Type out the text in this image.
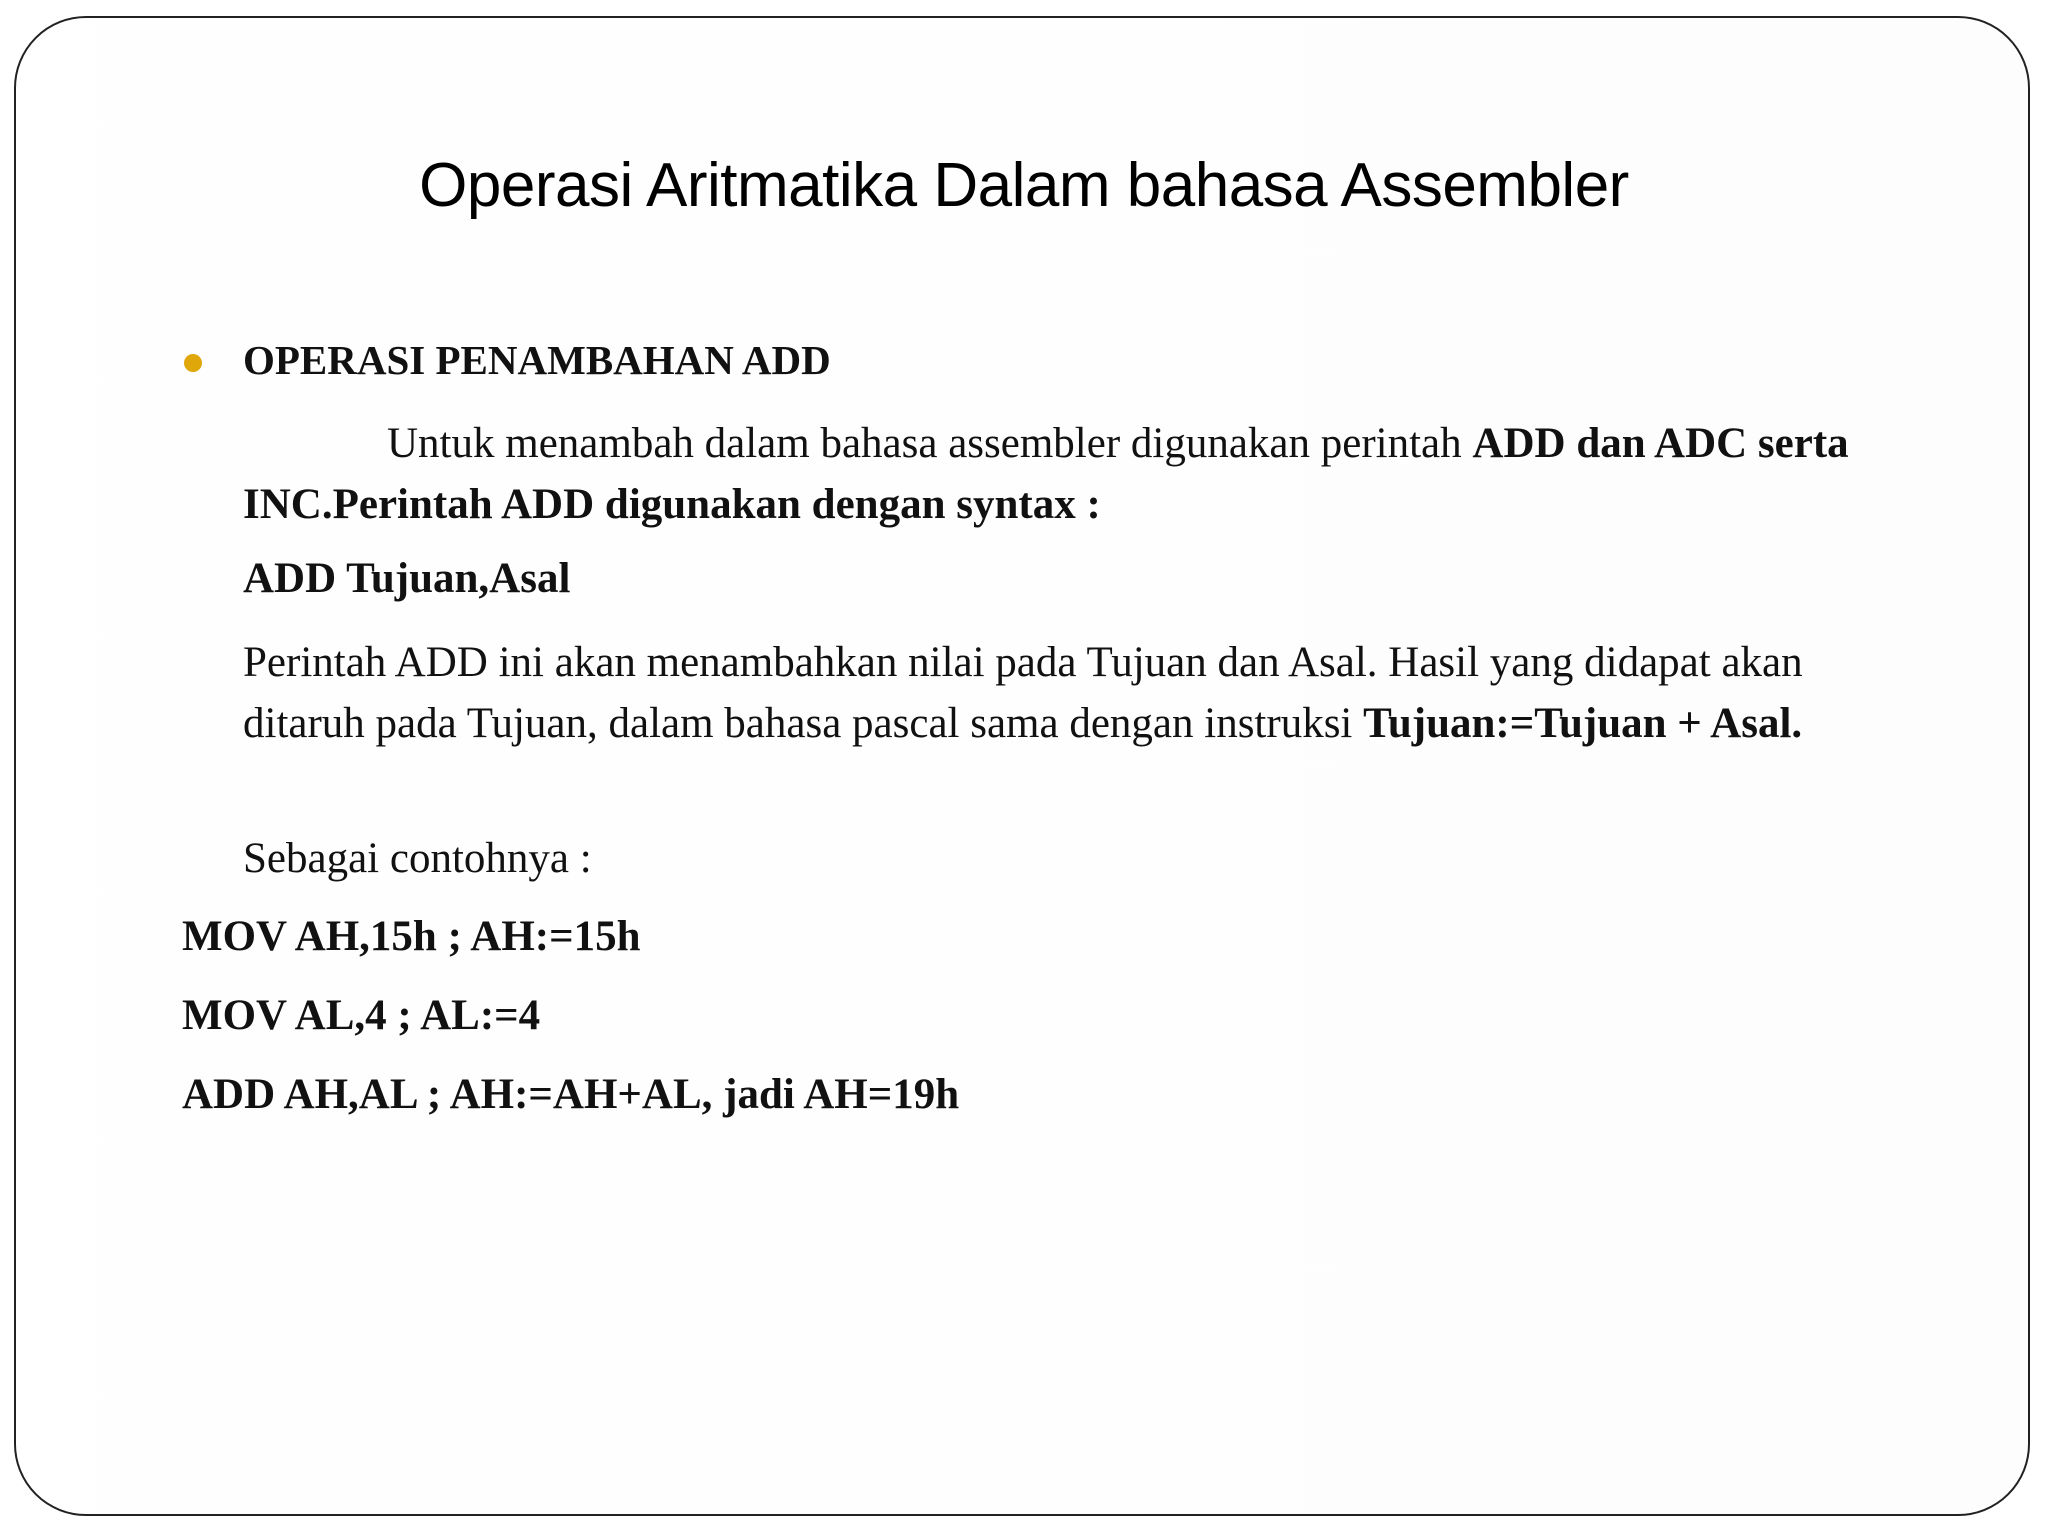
Operasi Aritmatika Dalam bahasa Assembler
OPERASI PENAMBAHAN ADD

Untuk menambah dalam bahasa assembler digunakan perintah ADD dan ADC serta INC.Perintah ADD digunakan dengan syntax :

ADD Tujuan,Asal

Perintah ADD ini akan menambahkan nilai pada Tujuan dan Asal. Hasil yang didapat akan ditaruh pada Tujuan, dalam bahasa pascal sama dengan instruksi Tujuan:=Tujuan + Asal.

Sebagai contohnya :
MOV AH,15h ; AH:=15h
MOV AL,4 ; AL:=4
ADD AH,AL ; AH:=AH+AL, jadi AH=19h
